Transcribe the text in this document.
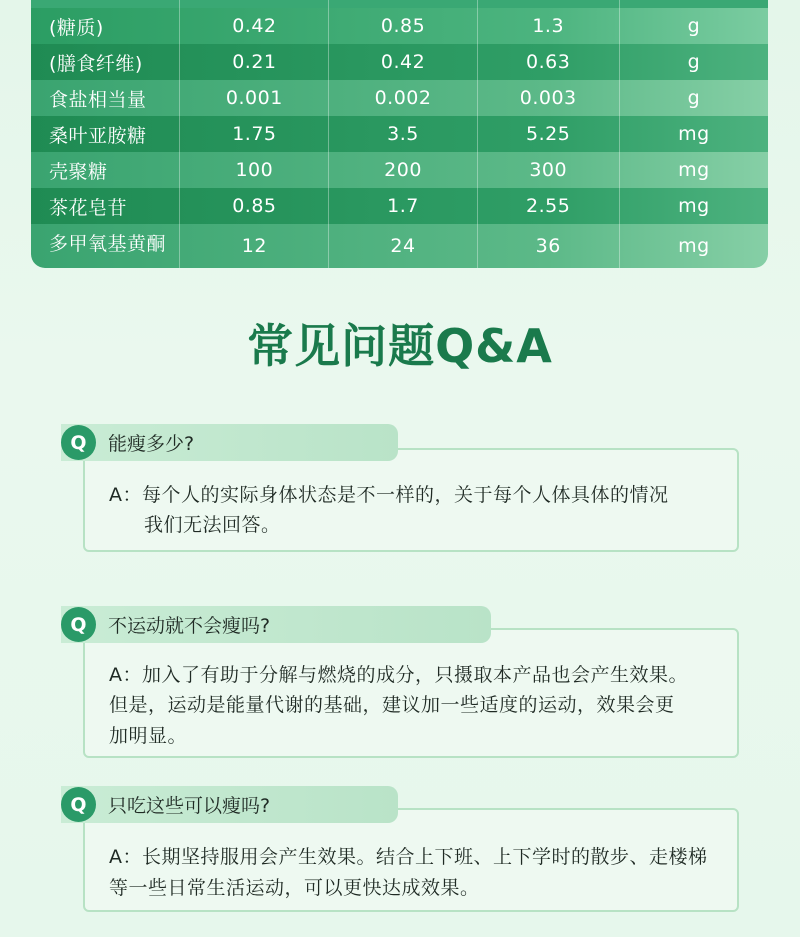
(糖质)	0.42	0.85	1.3	g
(膳食纤维)	0.21	0.42	0.63	g
食盐相当量	0.001	0.002	0.003	g
桑叶亚胺糖	1.75	3.5	5.25	mg
壳聚糖	100	200	300	mg
茶花皂苷	0.85	1.7	2.55	mg
多甲氧基黄酮	12	24	36	mg
常见问题Q&A
A：每个人的实际身体状态是不一样的，关于每个人体具体的情况
我们无法回答。
Q	能瘦多少?
A：加入了有助于分解与燃烧的成分，只摄取本产品也会产生效果。
但是，运动是能量代谢的基础，建议加一些适度的运动，效果会更
加明显。
Q	不运动就不会瘦吗?
A：长期坚持服用会产生效果。结合上下班、上下学时的散步、走楼梯
等一些日常生活运动，可以更快达成效果。
Q	只吃这些可以瘦吗?
